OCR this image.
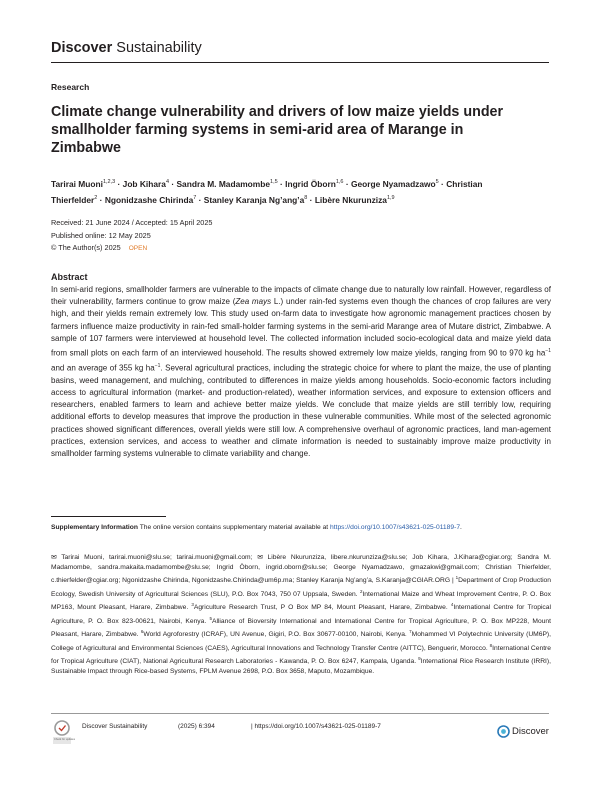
Discover Sustainability
Research
Climate change vulnerability and drivers of low maize yields under smallholder farming systems in semi‑arid area of Marange in Zimbabwe
Tarirai Muoni$^{1,2,3}$ · Job Kihara$^4$ · Sandra M. Madamombe$^{1,5}$ · Ingrid Öborn$^{1,6}$ · George Nyamadzawo$^5$ · Christian Thierfelder$^2$ · Ngonidzashe Chirinda$^7$ · Stanley Karanja $Ng’ang’a^8$ · Libère Nkurunziza$^{1,9}$
Received: 21 June 2024 / Accepted: 15 April 2025
Published online: 12 May 2025
© The Author(s) 2025 OPEN
Abstract
In semi-arid regions, smallholder farmers are vulnerable to the impacts of climate change due to naturally low rainfall. However, regardless of their vulnerability, farmers continue to grow maize (Zea mays L.) under rain-fed systems even though the chances of crop failures are very high, and their yields remain extremely low. This study used on-farm data to investigate how agronomic management practices chosen by farmers influence maize productivity in rain-fed small-holder farming systems in the semi-arid Marange area of Mutare district, Zimbabwe. A sample of 107 farmers were interviewed at household level. The collected information included socio-ecological data and maize yield data from small plots on each farm of an interviewed household. The results showed extremely low maize yields, ranging from 90 to 970 kg $ha^{-1}$ and an average of 355 kg $ha^{-1}$. Several agricultural practices, including the strategic choice for where to plant the maize, the use of planting basins, weed management, and mulching, contributed to differences in maize yields among households. Socio-economic factors including access to agricultural information (market- and production-related), weather information services, and exposure to extension officers and researchers, enabled farmers to learn and achieve better maize yields. We conclude that maize yields are still terribly low, requiring additional efforts to develop measures that improve the production in these vulnerable communities. While most of the selected agronomic practices showed significant differences, overall yields were still low. A comprehensive overhaul of agronomic practices, land man-agement practices, extension services, and access to weather and climate information is needed to sustainably improve maize productivity in smallholder farming systems vulnerable to climate variability and change.
Supplementary Information The online version contains supplementary material available at https://doi.org/10.1007/s43621-025-01189-7.
✉ Tarirai Muoni, tarirai.muoni@slu.se; tarirai.muoni@gmail.com; ✉ Libère Nkurunziza, libere.nkurunziza@slu.se; Job Kihara, J.Kihara@cgiar.org; Sandra M. Madamombe, sandra.makaita.madamombe@slu.se; Ingrid Öborn, ingrid.oborn@slu.se; George Nyamadzawo, gmazakwi@gmail.com; Christian Thierfelder, c.thierfelder@cgiar.org; Ngonidzashe Chirinda, Ngonidzashe.Chirinda@um6p.ma; Stanley Karanja Ng’ang’a, S.Karanja@CGIAR.ORG | $^1$Department of Crop Production Ecology, Swedish University of Agricultural Sciences (SLU), P.O. Box 7043, 750 07 Uppsala, Sweden. $^2$International Maize and Wheat Improvement Centre, P. O. Box MP163, Mount Pleasant, Harare, Zimbabwe. $^3$Agriculture Research Trust, P O Box MP 84, Mount Pleasant, Harare, Zimbabwe. $^4$International Centre for Tropical Agriculture, P. O. Box 823-00621, Nairobi, Kenya. $^5$Alliance of Bioversity International and International Centre for Tropical Agriculture, P. O. Box MP228, Mount Pleasant, Harare, Zimbabwe. $^6$World Agroforestry (ICRAF), UN Avenue, Gigiri, P.O. Box 30677-00100, Nairobi, Kenya. $^7$Mohammed VI Polytechnic University (UM6P), College of Agricultural and Environmental Sciences (CAES), Agricultural Innovations and Technology Transfer Centre (AITTC), Benguerir, Morocco. $^8$International Centre for Tropical Agriculture (CIAT), National Agricultural Research Laboratories - Kawanda, P. O. Box 6247, Kampala, Uganda. $^9$International Rice Research Institute (IRRI), Sustainable Impact through Rice-based Systems, FPLM Avenue 2698, P.O. Box 3658, Maputo, Mozambique.
Check for updates
Discover Sustainability	(2025) 6:394	| https://doi.org/10.1007/s43621-025-01189-7	Discover
